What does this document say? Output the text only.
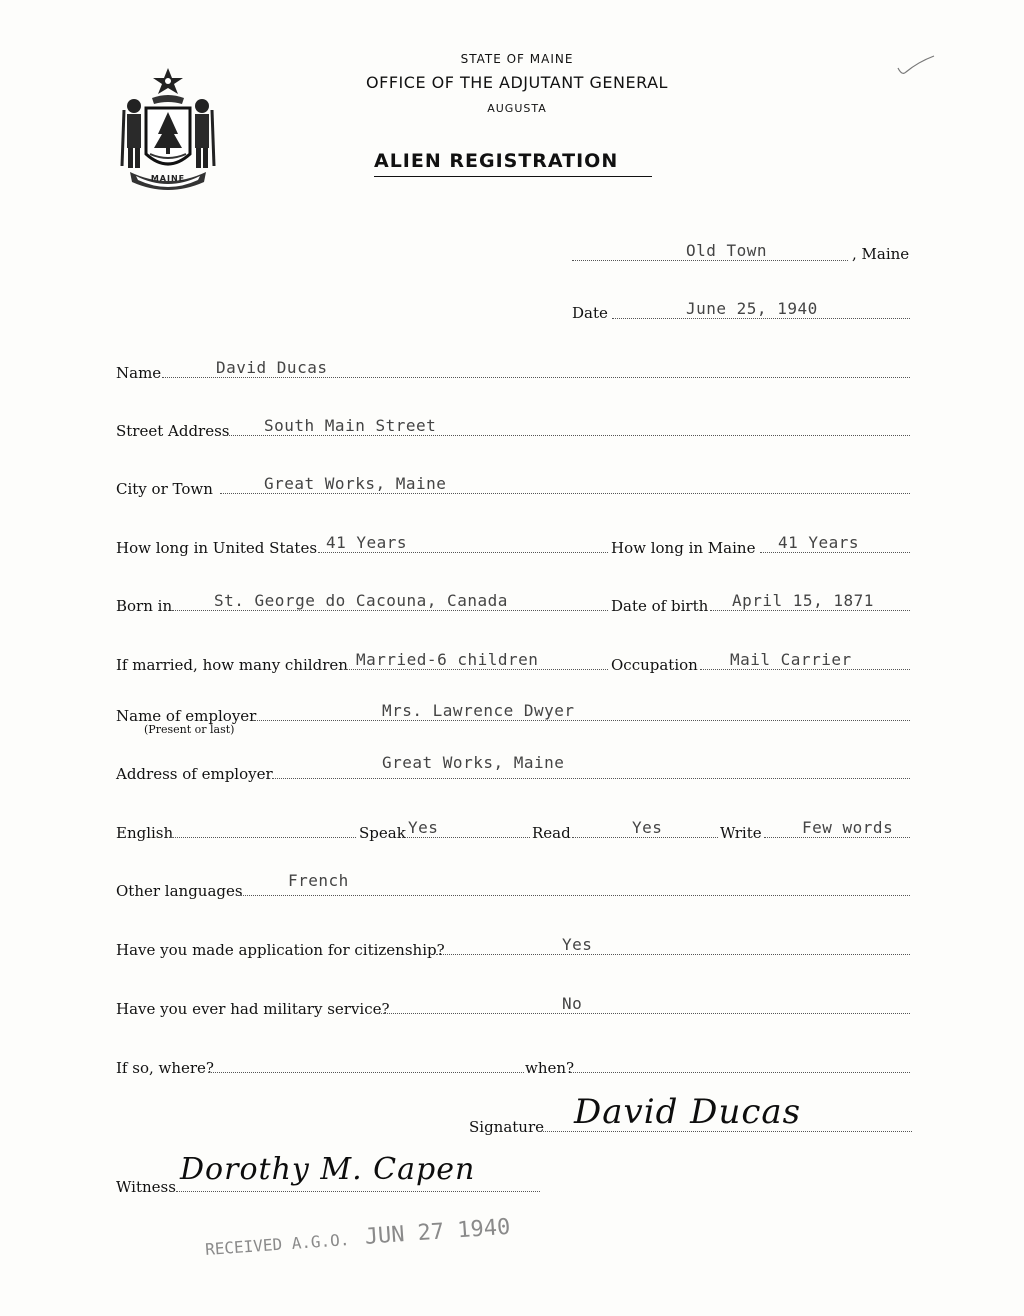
MAINE
STATE OF MAINE
OFFICE OF THE ADJUTANT GENERAL
AUGUSTA
ALIEN REGISTRATION
Old Town	, Maine
Date	June 25, 1940
Name	David Ducas
Street Address South Main Street
City or Town	Great Works, Maine
How long in United States 41 Years	How long in Maine 41 Years
Born in	St. George do Cacouna, Canada	Date of birth April 15, 1871
If married, how many children Married-6 children	Occupation Mail Carrier
Name of employer
(Present or last)
Mrs. Lawrence Dwyer
Address of employer
Great Works, Maine
English	Speak Yes	Read	Yes	Write	Few words
Other languages
French
Have you made application for citizenship?	Yes
Have you ever had military service?	No
If so, where?	when?
Signature David Ducas
Witness Dorothy M. Capen
RECEIVED A.G.O. JUN 27 1940
